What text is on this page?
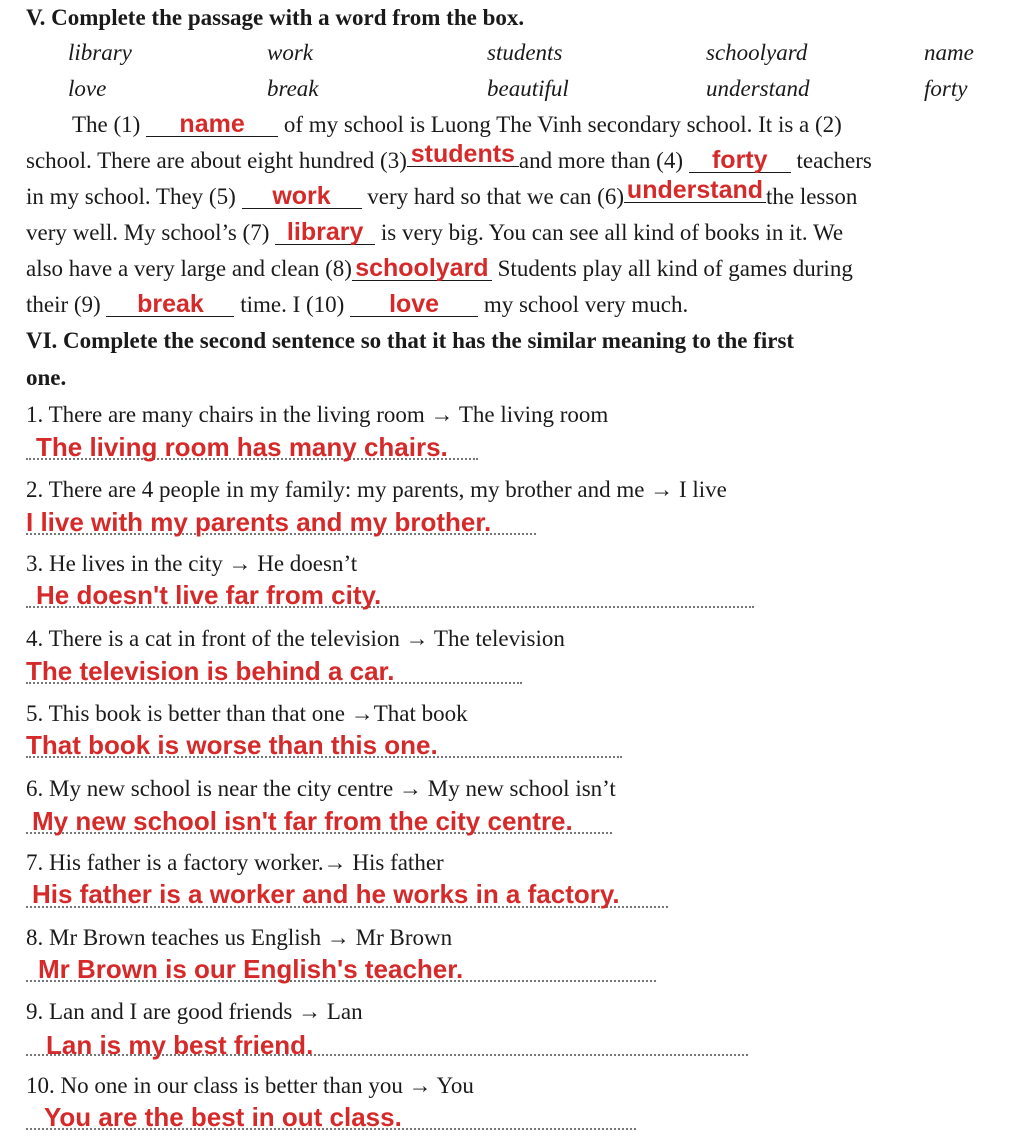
V. Complete the passage with a word from the box.
library	work	students	schoolyard	name
love	break	beautiful	understand	forty
The (1) name of my school is Luong The Vinh secondary school. It is a (2)
school. There are about eight hundred (3) students and more than (4) forty teachers
in my school. They (5) work very hard so that we can (6) understand the lesson
very well. My school’s (7) library is very big. You can see all kind of books in it. We
also have a very large and clean (8) schoolyard Students play all kind of games during
their (9) break time. I (10) love my school very much.
VI. Complete the second sentence so that it has the similar meaning to the first
one.
1. There are many chairs in the living room → The living room
The living room has many chairs.
2. There are 4 people in my family: my parents, my brother and me → I live
I live with my parents and my brother.
3. He lives in the city → He doesn’t
He doesn't live far from city.
4. There is a cat in front of the television → The television
The television is behind a car.
5. This book is better than that one →That book
That book is worse than this one.
6. My new school is near the city centre → My new school isn’t
My new school isn't far from the city centre.
7. His father is a factory worker.→ His father
His father is a worker and he works in a factory.
8. Mr Brown teaches us English → Mr Brown
Mr Brown is our English's teacher.
9. Lan and I are good friends → Lan
Lan is my best friend.
10. No one in our class is better than you → You
You are the best in out class.
